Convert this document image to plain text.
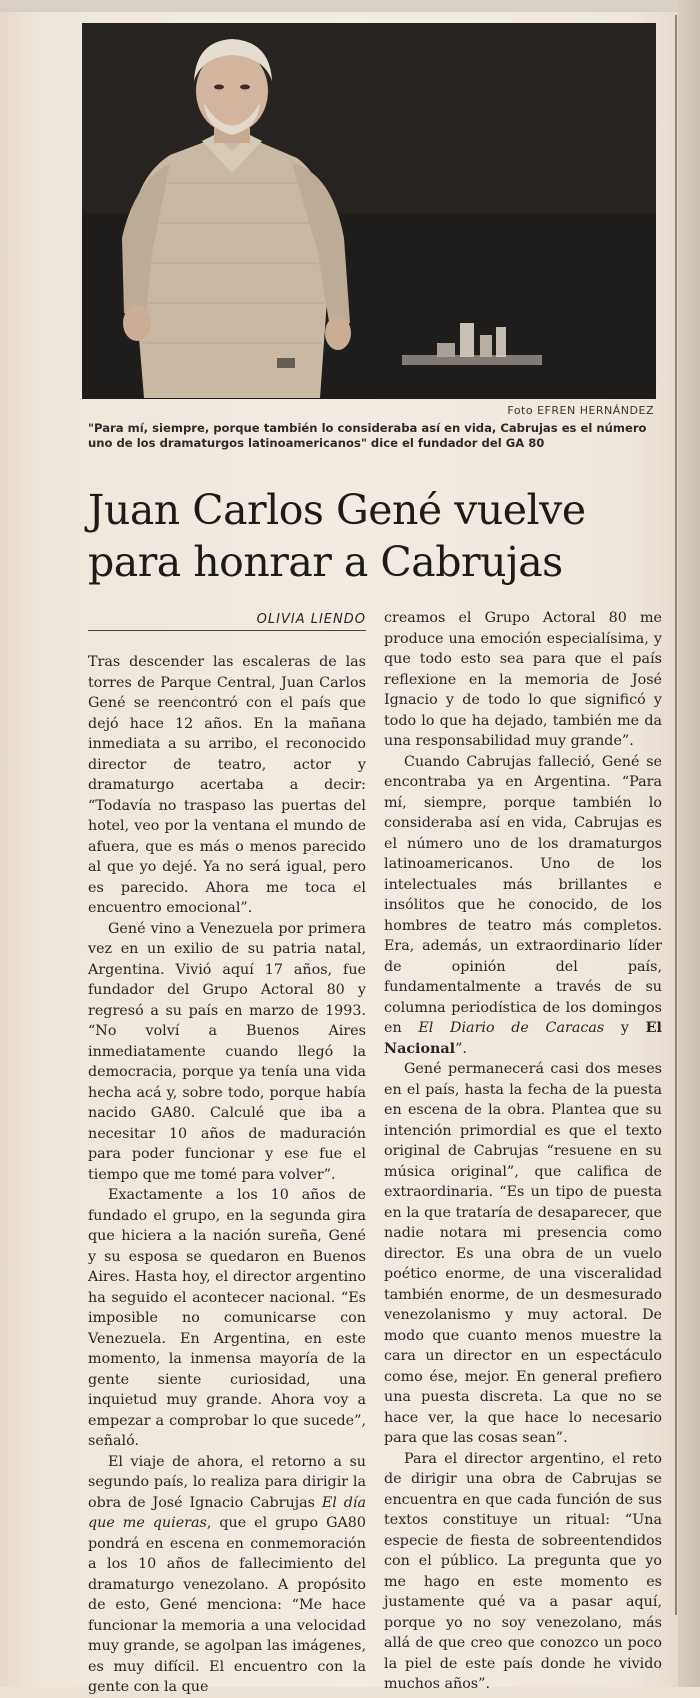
Foto EFREN HERNÁNDEZ
"Para mí, siempre, porque también lo consideraba así en vida, Cabrujas es el número uno de los dramaturgos latinoamericanos" dice el fundador del GA 80
Juan Carlos Gené vuelve
para honrar a Cabrujas
OLIVIA LIENDO

Tras descender las escaleras de las torres de Parque Central, Juan Carlos Gené se reencontró con el país que dejó hace 12 años. En la mañana inmediata a su arribo, el reconocido director de teatro, actor y dramaturgo acertaba a decir: “Todavía no traspaso las puertas del hotel, veo por la ventana el mundo de afuera, que es más o menos parecido al que yo dejé. Ya no será igual, pero es parecido. Ahora me toca el encuentro emocional”.

Gené vino a Venezuela por primera vez en un exilio de su patria natal, Argentina. Vivió aquí 17 años, fue fundador del Grupo Actoral 80 y regresó a su país en marzo de 1993. “No volví a Buenos Aires inmediatamente cuando llegó la democracia, porque ya tenía una vida hecha acá y, sobre todo, porque había nacido GA80. Calculé que iba a necesitar 10 años de maduración para poder funcionar y ese fue el tiempo que me tomé para volver”.

Exactamente a los 10 años de fundado el grupo, en la segunda gira que hiciera a la nación sureña, Gené y su esposa se quedaron en Buenos Aires. Hasta hoy, el director argentino ha seguido el acontecer nacional. “Es imposible no comunicarse con Venezuela. En Argentina, en este momento, la inmensa mayoría de la gente siente curiosidad, una inquietud muy grande. Ahora voy a empezar a comprobar lo que sucede”, señaló.

El viaje de ahora, el retorno a su segundo país, lo realiza para dirigir la obra de José Ignacio Cabrujas El día que me quieras, que el grupo GA80 pondrá en escena en conmemoración a los 10 años de fallecimiento del dramaturgo venezolano. A propósito de esto, Gené menciona: “Me hace funcionar la memoria a una velocidad muy grande, se agolpan las imágenes, es muy difícil. El encuentro con la gente con la que

creamos el Grupo Actoral 80 me produce una emoción especialísima, y que todo esto sea para que el país reflexione en la memoria de José Ignacio y de todo lo que significó y todo lo que ha dejado, también me da una responsabilidad muy grande”.

Cuando Cabrujas falleció, Gené se encontraba ya en Argentina. “Para mí, siempre, porque también lo consideraba así en vida, Cabrujas es el número uno de los dramaturgos latinoamericanos. Uno de los intelectuales más brillantes e insólitos que he conocido, de los hombres de teatro más completos. Era, además, un extraordinario líder de opinión del país, fundamentalmente a través de su columna periodística de los domingos en El Diario de Caracas y El Nacional”.

Gené permanecerá casi dos meses en el país, hasta la fecha de la puesta en escena de la obra. Plantea que su intención primordial es que el texto original de Cabrujas “resuene en su música original”, que califica de extraordinaria. “Es un tipo de puesta en la que trataría de desaparecer, que nadie notara mi presencia como director. Es una obra de un vuelo poético enorme, de una visceralidad también enorme, de un desmesurado venezolanismo y muy actoral. De modo que cuanto menos muestre la cara un director en un espectáculo como ése, mejor. En general prefiero una puesta discreta. La que no se hace ver, la que hace lo necesario para que las cosas sean”.

Para el director argentino, el reto de dirigir una obra de Cabrujas se encuentra en que cada función de sus textos constituye un ritual: “Una especie de fiesta de sobreentendidos con el público. La pregunta que yo me hago en este momento es justamente qué va a pasar aquí, porque yo no soy venezolano, más allá de que creo que conozco un poco la piel de este país donde he vivido muchos años”.
